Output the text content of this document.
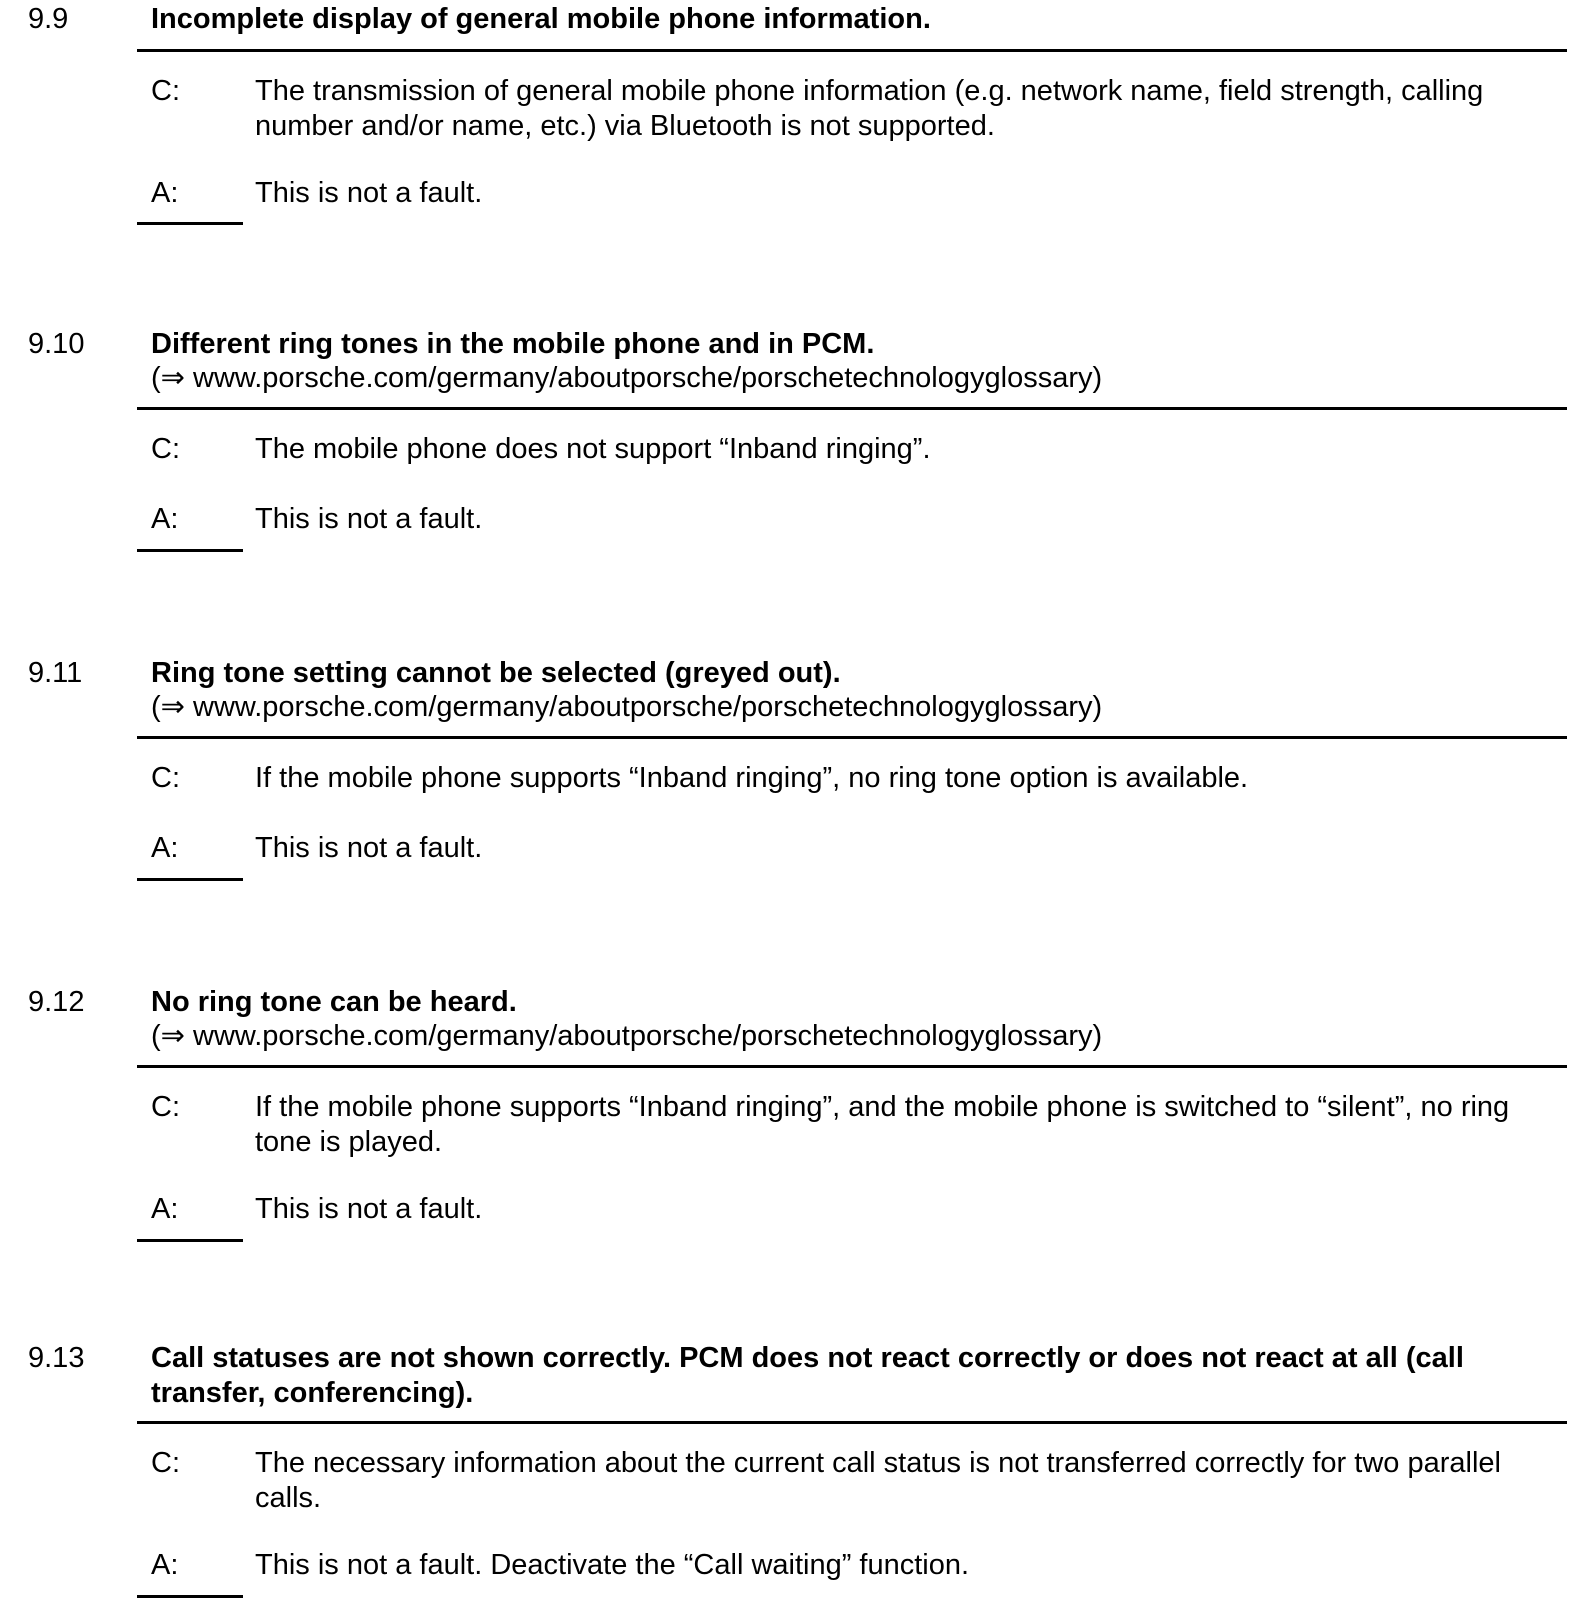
9.9	Incomplete display of general mobile phone information.
C:	The transmission of general mobile phone information (e.g. network name, field strength, calling number and/or name, etc.) via Bluetooth is not supported.
A:	This is not a fault.
9.10 Different ring tones in the mobile phone and in PCM.
(⇒ www.porsche.com/germany/aboutporsche/porschetechnologyglossary)
C:	The mobile phone does not support “Inband ringing”.
A:	This is not a fault.
9.11 Ring tone setting cannot be selected (greyed out).
(⇒ www.porsche.com/germany/aboutporsche/porschetechnologyglossary)
C:	If the mobile phone supports “Inband ringing”, no ring tone option is available.
A:	This is not a fault.
9.12 No ring tone can be heard.
(⇒ www.porsche.com/germany/aboutporsche/porschetechnologyglossary)
C:	If the mobile phone supports “Inband ringing”, and the mobile phone is switched to “silent”, no ring tone is played.
A:	This is not a fault.
9.13 Call statuses are not shown correctly. PCM does not react correctly or does not react at all (call transfer, conferencing).
C:	The necessary information about the current call status is not transferred correctly for two parallel calls.
A:	This is not a fault. Deactivate the “Call waiting” function.
